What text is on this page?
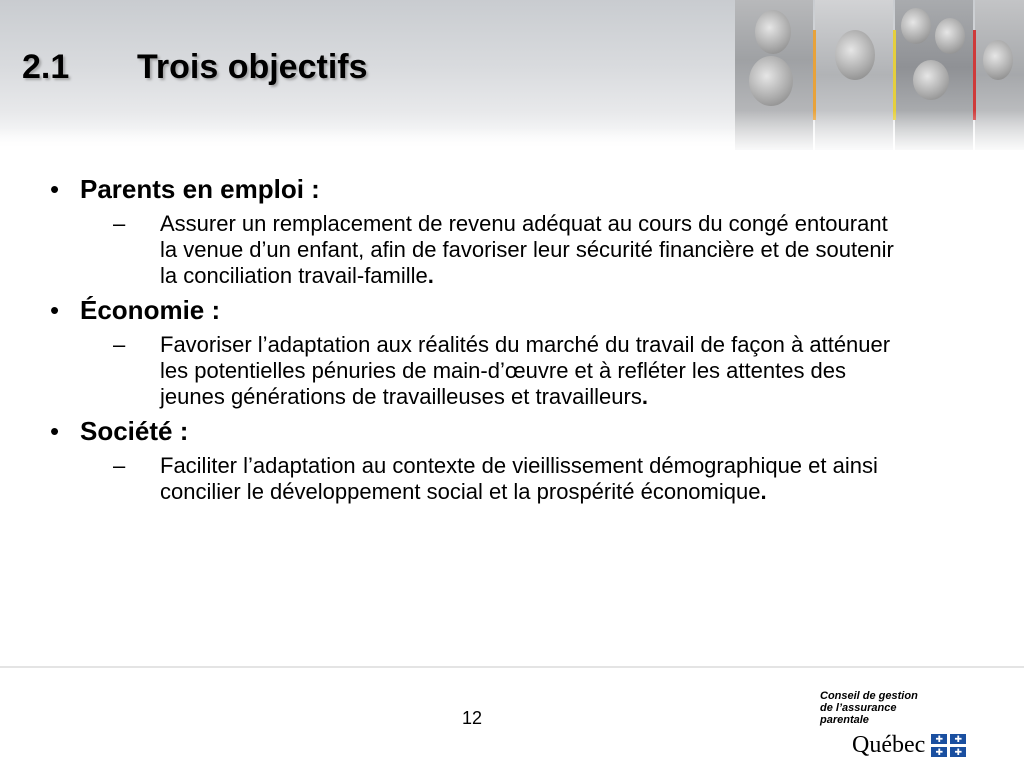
2.1	Trois objectifs
• Parents en emploi :
–	Assurer un remplacement de revenu adéquat au cours du congé entourant la venue d’un enfant, afin de favoriser leur sécurité financière et de soutenir la conciliation travail-famille.
• Économie :
–	Favoriser l’adaptation aux réalités du marché du travail de façon à atténuer les potentielles pénuries de main-d’œuvre et à refléter les attentes des jeunes générations de travailleuses et travailleurs.
• Société :
–	Faciliter l’adaptation au contexte de vieillissement démographique et ainsi concilier le développement social et la prospérité économique.
12
Conseil de gestion
de l’assurance
parentale
Québec	✚	✚
✚	✚
